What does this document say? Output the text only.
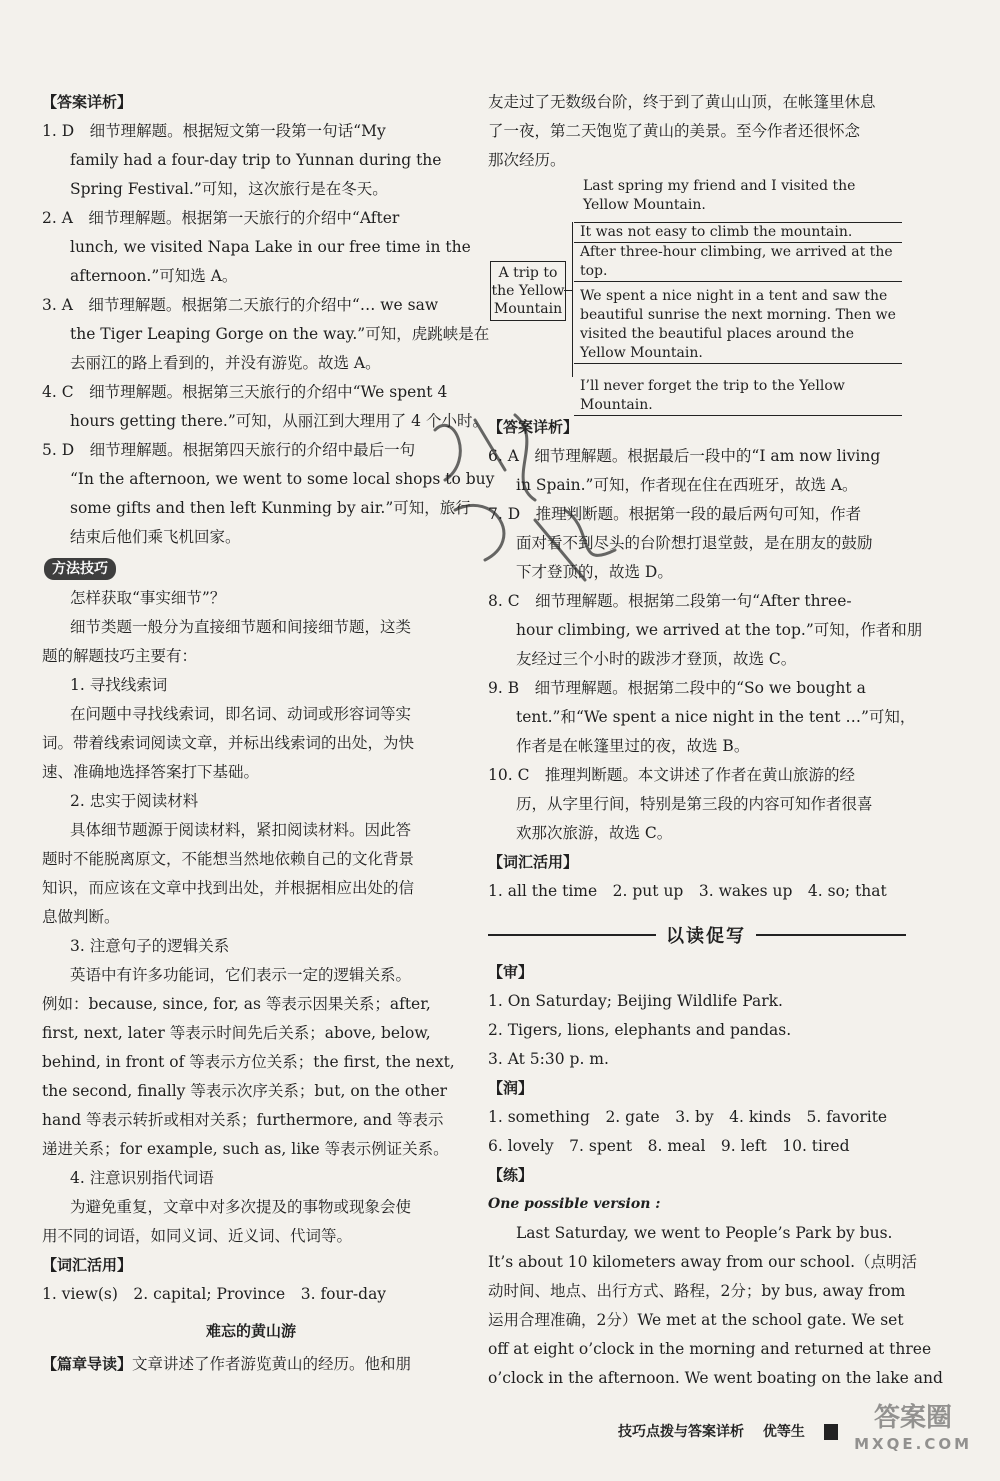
【答案详析】
1. D　细节理解题。根据短文第一段第一句话“My
family had a four-day trip to Yunnan during the
Spring Festival.”可知，这次旅行是在冬天。
2. A　细节理解题。根据第一天旅行的介绍中“After
lunch, we visited Napa Lake in our free time in the
afternoon.”可知选 A。
3. A　细节理解题。根据第二天旅行的介绍中“… we saw
the Tiger Leaping Gorge on the way.”可知，虎跳峡是在
去丽江的路上看到的，并没有游览。故选 A。
4. C　细节理解题。根据第三天旅行的介绍中“We spent 4
hours getting there.”可知，从丽江到大理用了 4 个小时。
5. D　细节理解题。根据第四天旅行的介绍中最后一句
“In the afternoon, we went to some local shops to buy
some gifts and then left Kunming by air.”可知，旅行
结束后他们乘飞机回家。
方法技巧
怎样获取“事实细节”？
细节类题一般分为直接细节题和间接细节题，这类
题的解题技巧主要有：
1. 寻找线索词
在问题中寻找线索词，即名词、动词或形容词等实
词。带着线索词阅读文章，并标出线索词的出处，为快
速、准确地选择答案打下基础。
2. 忠实于阅读材料
具体细节题源于阅读材料，紧扣阅读材料。因此答
题时不能脱离原文，不能想当然地依赖自己的文化背景
知识，而应该在文章中找到出处，并根据相应出处的信
息做判断。
3. 注意句子的逻辑关系
英语中有许多功能词，它们表示一定的逻辑关系。
例如：because, since, for, as 等表示因果关系；after,
first, next, later 等表示时间先后关系；above, below,
behind, in front of 等表示方位关系；the first, the next,
the second, finally 等表示次序关系；but, on the other
hand 等表示转折或相对关系；furthermore, and 等表示
递进关系；for example, such as, like 等表示例证关系。
4. 注意识别指代词语
为避免重复，文章中对多次提及的事物或现象会使
用不同的词语，如同义词、近义词、代词等。
【词汇活用】
1. view(s)　2. capital; Province　3. four-day
难忘的黄山游
【篇章导读】文章讲述了作者游览黄山的经历。他和朋
友走过了无数级台阶，终于到了黄山山顶，在帐篷里休息
了一夜，第二天饱览了黄山的美景。至今作者还很怀念
那次经历。
Last spring my friend and I visited the Yellow Mountain.
A trip to the Yellow Mountain
It was not easy to climb the mountain.
After three-hour climbing, we arrived at the top.
We spent a nice night in a tent and saw the beautiful sunrise the next morning. Then we visited the beautiful places around the Yellow Mountain.
I’ll never forget the trip to the Yellow Mountain.
【答案详析】
6. A　细节理解题。根据最后一段中的“I am now living
in Spain.”可知，作者现在住在西班牙，故选 A。
7. D　推理判断题。根据第一段的最后两句可知，作者
面对看不到尽头的台阶想打退堂鼓，是在朋友的鼓励
下才登顶的，故选 D。
8. C　细节理解题。根据第二段第一句“After three-
hour climbing, we arrived at the top.”可知，作者和朋
友经过三个小时的跋涉才登顶，故选 C。
9. B　细节理解题。根据第二段中的“So we bought a
tent.”和“We spent a nice night in the tent …”可知，
作者是在帐篷里过的夜，故选 B。
10. C　推理判断题。本文讲述了作者在黄山旅游的经
历，从字里行间，特别是第三段的内容可知作者很喜
欢那次旅游，故选 C。
【词汇活用】
1. all the time　2. put up　3. wakes up　4. so; that
以读促写
【审】
1. On Saturday; Beijing Wildlife Park.
2. Tigers, lions, elephants and pandas.
3. At 5:30 p. m.
【润】
1. something　2. gate　3. by　4. kinds　5. favorite
6. lovely　7. spent　8. meal　9. left　10. tired
【练】
One possible version :
Last Saturday, we went to People’s Park by bus.
It’s about 10 kilometers away from our school.（点明活
动时间、地点、出行方式、路程，2分；by bus, away from
运用合理准确，2分）We met at the school gate. We set
off at eight o’clock in the morning and returned at three
o’clock in the afternoon. We went boating on the lake and
技巧点拨与答案详析 优等生	答案圈
MXQE.COM
